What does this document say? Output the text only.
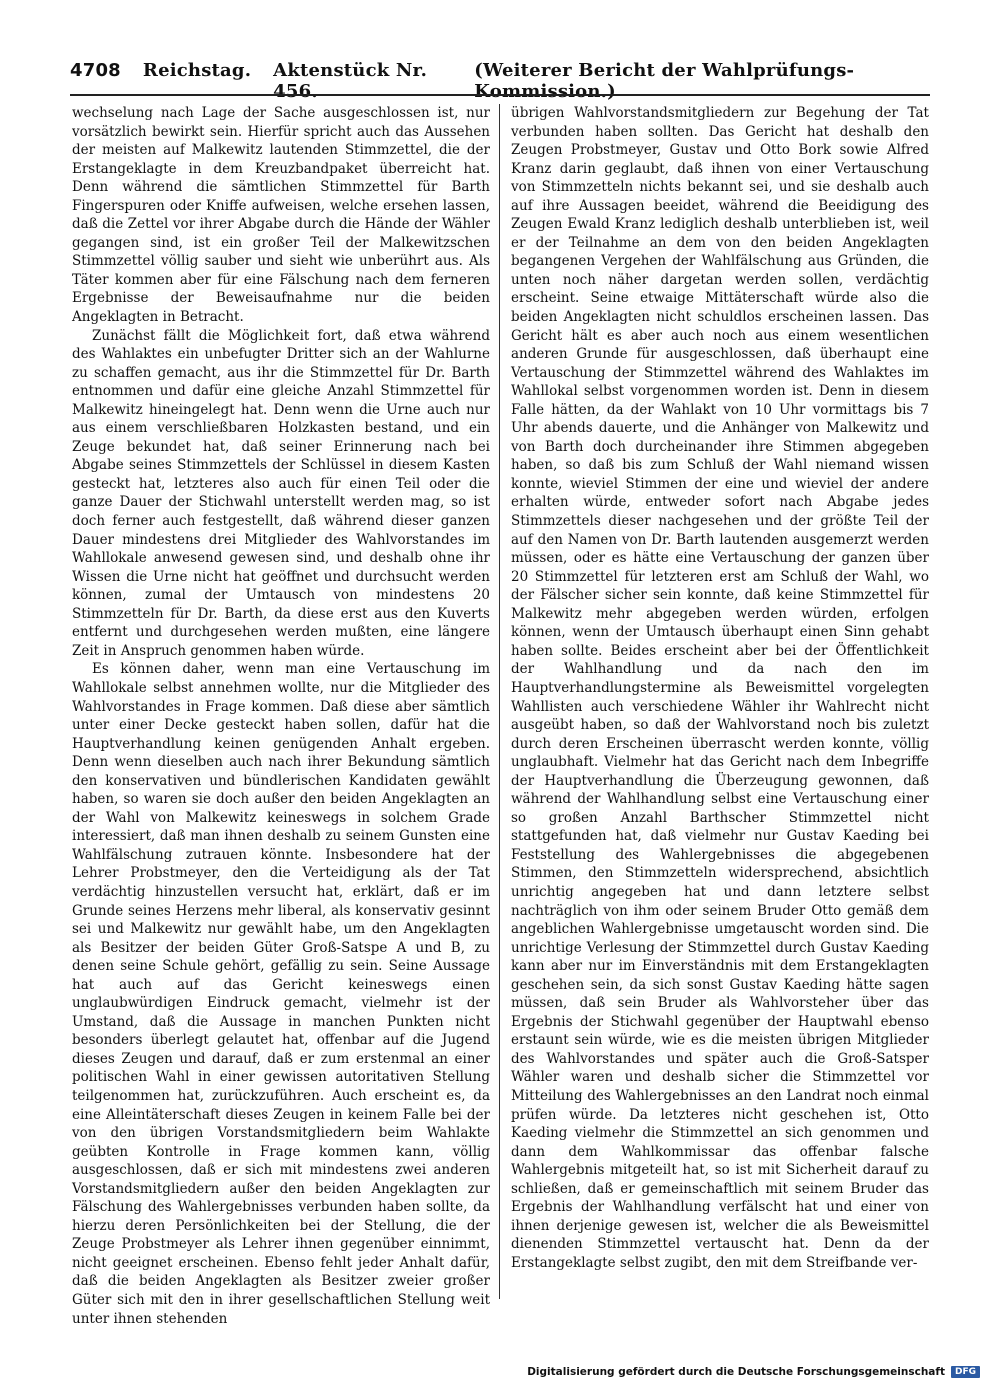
4708 Reichstag. Aktenstück Nr. 456.
(Weiterer Bericht der Wahlprüfungs-Kommission.)

wechselung nach Lage der Sache ausgeschlossen ist, nur vorsätzlich bewirkt sein. Hierfür spricht auch das Aussehen der meisten auf Malkewitz lautenden Stimmzettel, die der Erstangeklagte in dem Kreuzbandpaket überreicht hat. Denn während die sämtlichen Stimmzettel für Barth Fingerspuren oder Kniffe aufweisen, welche ersehen lassen, daß die Zettel vor ihrer Abgabe durch die Hände der Wähler gegangen sind, ist ein großer Teil der Malkewitzschen Stimmzettel völlig sauber und sieht wie unberührt aus. Als Täter kommen aber für eine Fälschung nach dem ferneren Ergebnisse der Beweisaufnahme nur die beiden Angeklagten in Betracht.

Zunächst fällt die Möglichkeit fort, daß etwa während des Wahlaktes ein unbefugter Dritter sich an der Wahlurne zu schaffen gemacht, aus ihr die Stimmzettel für Dr. Barth entnommen und dafür eine gleiche Anzahl Stimmzettel für Malkewitz hineingelegt hat. Denn wenn die Urne auch nur aus einem verschließbaren Holzkasten bestand, und ein Zeuge bekundet hat, daß seiner Erinnerung nach bei Abgabe seines Stimmzettels der Schlüssel in diesem Kasten gesteckt hat, letzteres also auch für einen Teil oder die ganze Dauer der Stichwahl unterstellt werden mag, so ist doch ferner auch festgestellt, daß während dieser ganzen Dauer mindestens drei Mitglieder des Wahlvorstandes im Wahllokale anwesend gewesen sind, und deshalb ohne ihr Wissen die Urne nicht hat geöffnet und durchsucht werden können, zumal der Umtausch von mindestens 20 Stimmzetteln für Dr. Barth, da diese erst aus den Kuverts entfernt und durchgesehen werden mußten, eine längere Zeit in Anspruch genommen haben würde.

Es können daher, wenn man eine Vertauschung im Wahllokale selbst annehmen wollte, nur die Mitglieder des Wahlvorstandes in Frage kommen. Daß diese aber sämtlich unter einer Decke gesteckt haben sollen, dafür hat die Hauptverhandlung keinen genügenden Anhalt ergeben. Denn wenn dieselben auch nach ihrer Bekundung sämtlich den konservativen und bündlerischen Kandidaten gewählt haben, so waren sie doch außer den beiden Angeklagten an der Wahl von Malkewitz keineswegs in solchem Grade interessiert, daß man ihnen deshalb zu seinem Gunsten eine Wahlfälschung zutrauen könnte. Insbesondere hat der Lehrer Probstmeyer, den die Verteidigung als der Tat verdächtig hinzustellen versucht hat, erklärt, daß er im Grunde seines Herzens mehr liberal, als konservativ gesinnt sei und Malkewitz nur gewählt habe, um den Angeklagten als Besitzer der beiden Güter Groß-Satspe A und B, zu denen seine Schule gehört, gefällig zu sein. Seine Aussage hat auch auf das Gericht keineswegs einen unglaubwürdigen Eindruck gemacht, vielmehr ist der Umstand, daß die Aussage in manchen Punkten nicht besonders überlegt gelautet hat, offenbar auf die Jugend dieses Zeugen und darauf, daß er zum erstenmal an einer politischen Wahl in einer gewissen autoritativen Stellung teilgenommen hat, zurückzuführen. Auch erscheint es, da eine Alleintäterschaft dieses Zeugen in keinem Falle bei der von den übrigen Vorstandsmitgliedern beim Wahlakte geübten Kontrolle in Frage kommen kann, völlig ausgeschlossen, daß er sich mit mindestens zwei anderen Vorstandsmitgliedern außer den beiden Angeklagten zur Fälschung des Wahlergebnisses verbunden haben sollte, da hierzu deren Persönlichkeiten bei der Stellung, die der Zeuge Probstmeyer als Lehrer ihnen gegenüber einnimmt, nicht geeignet erscheinen. Ebenso fehlt jeder Anhalt dafür, daß die beiden Angeklagten als Besitzer zweier großer Güter sich mit den in ihrer gesellschaftlichen Stellung weit unter ihnen stehenden

übrigen Wahlvorstandsmitgliedern zur Begehung der Tat verbunden haben sollten. Das Gericht hat deshalb den Zeugen Probstmeyer, Gustav und Otto Bork sowie Alfred Kranz darin geglaubt, daß ihnen von einer Vertauschung von Stimmzetteln nichts bekannt sei, und sie deshalb auch auf ihre Aussagen beeidet, während die Beeidigung des Zeugen Ewald Kranz lediglich deshalb unterblieben ist, weil er der Teilnahme an dem von den beiden Angeklagten begangenen Vergehen der Wahlfälschung aus Gründen, die unten noch näher dargetan werden sollen, verdächtig erscheint. Seine etwaige Mittäterschaft würde also die beiden Angeklagten nicht schuldlos erscheinen lassen. Das Gericht hält es aber auch noch aus einem wesentlichen anderen Grunde für ausgeschlossen, daß überhaupt eine Vertauschung der Stimmzettel während des Wahlaktes im Wahllokal selbst vorgenommen worden ist. Denn in diesem Falle hätten, da der Wahlakt von 10 Uhr vormittags bis 7 Uhr abends dauerte, und die Anhänger von Malkewitz und von Barth doch durcheinander ihre Stimmen abgegeben haben, so daß bis zum Schluß der Wahl niemand wissen konnte, wieviel Stimmen der eine und wieviel der andere erhalten würde, entweder sofort nach Abgabe jedes Stimmzettels dieser nachgesehen und der größte Teil der auf den Namen von Dr. Barth lautenden ausgemerzt werden müssen, oder es hätte eine Vertauschung der ganzen über 20 Stimmzettel für letzteren erst am Schluß der Wahl, wo der Fälscher sicher sein konnte, daß keine Stimmzettel für Malkewitz mehr abgegeben werden würden, erfolgen können, wenn der Umtausch überhaupt einen Sinn gehabt haben sollte. Beides erscheint aber bei der Öffentlichkeit der Wahlhandlung und da nach den im Hauptverhandlungstermine als Beweismittel vorgelegten Wahllisten auch verschiedene Wähler ihr Wahlrecht nicht ausgeübt haben, so daß der Wahlvorstand noch bis zuletzt durch deren Erscheinen überrascht werden konnte, völlig unglaubhaft. Vielmehr hat das Gericht nach dem Inbegriffe der Hauptverhandlung die Überzeugung gewonnen, daß während der Wahlhandlung selbst eine Vertauschung einer so großen Anzahl Barthscher Stimmzettel nicht stattgefunden hat, daß vielmehr nur Gustav Kaeding bei Feststellung des Wahlergebnisses die abgegebenen Stimmen, den Stimmzetteln widersprechend, absichtlich unrichtig angegeben hat und dann letztere selbst nachträglich von ihm oder seinem Bruder Otto gemäß dem angeblichen Wahlergebnisse umgetauscht worden sind. Die unrichtige Verlesung der Stimmzettel durch Gustav Kaeding kann aber nur im Einverständnis mit dem Erstangeklagten geschehen sein, da sich sonst Gustav Kaeding hätte sagen müssen, daß sein Bruder als Wahlvorsteher über das Ergebnis der Stichwahl gegenüber der Hauptwahl ebenso erstaunt sein würde, wie es die meisten übrigen Mitglieder des Wahlvorstandes und später auch die Groß-Satsper Wähler waren und deshalb sicher die Stimmzettel vor Mitteilung des Wahlergebnisses an den Landrat noch einmal prüfen würde. Da letzteres nicht geschehen ist, Otto Kaeding vielmehr die Stimmzettel an sich genommen und dann dem Wahlkommissar das offenbar falsche Wahlergebnis mitgeteilt hat, so ist mit Sicherheit darauf zu schließen, daß er gemeinschaftlich mit seinem Bruder das Ergebnis der Wahlhandlung verfälscht hat und einer von ihnen derjenige gewesen ist, welcher die als Beweismittel dienenden Stimmzettel vertauscht hat. Denn da der Erstangeklagte selbst zugibt, den mit dem Streifbande ver-

Digitalisierung gefördert durch die Deutsche Forschungsgemeinschaft	DFG
